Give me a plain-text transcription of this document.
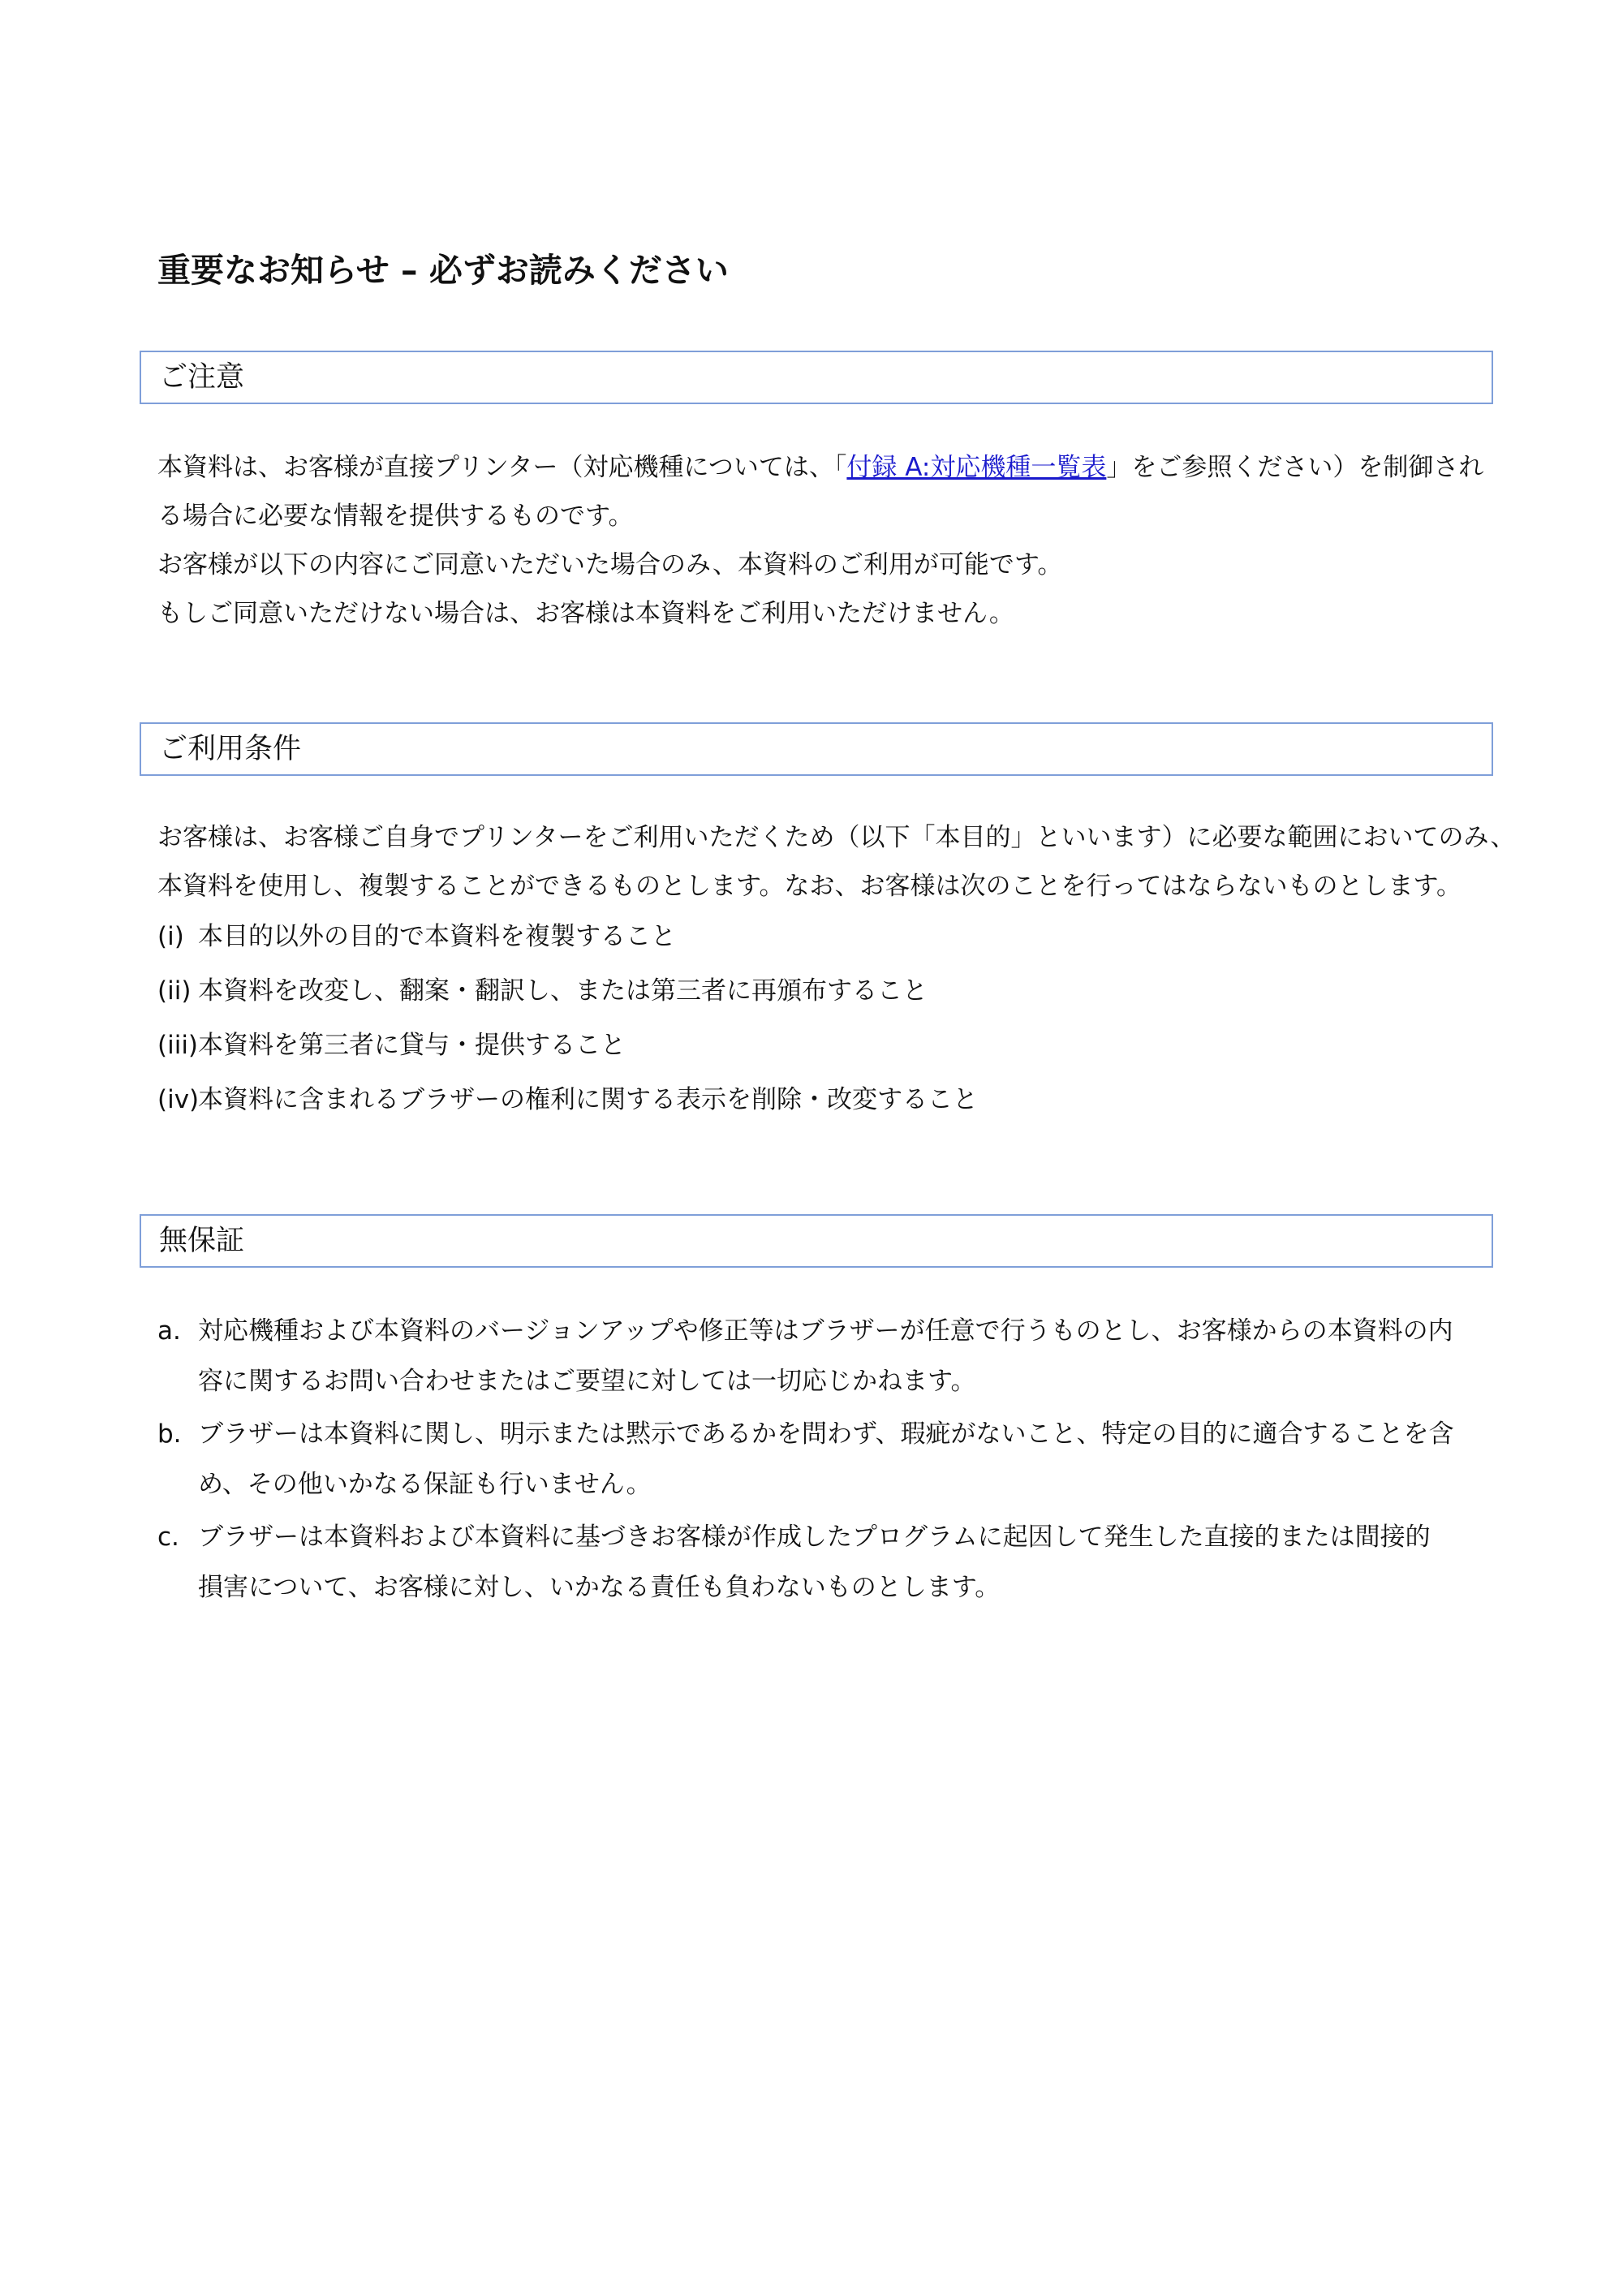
重要なお知らせ – 必ずお読みください
ご注意
本資料は、お客様が直接プリンター（対応機種については、「付録 A:対応機種一覧表」をご参照ください）を制御され
る場合に必要な情報を提供するものです。
お客様が以下の内容にご同意いただいた場合のみ、本資料のご利用が可能です。
もしご同意いただけない場合は、お客様は本資料をご利用いただけません。
ご利用条件
お客様は、お客様ご自身でプリンターをご利用いただくため（以下「本目的」といいます）に必要な範囲においてのみ、
本資料を使用し、複製することができるものとします。なお、お客様は次のことを行ってはならないものとします。
(i) 本目的以外の目的で本資料を複製すること
(ii) 本資料を改変し、翻案・翻訳し、または第三者に再頒布すること
(iii)本資料を第三者に貸与・提供すること
(iv)本資料に含まれるブラザーの権利に関する表示を削除・改変すること
無保証
a. 対応機種および本資料のバージョンアップや修正等はブラザーが任意で行うものとし、お客様からの本資料の内
容に関するお問い合わせまたはご要望に対しては一切応じかねます。
b. ブラザーは本資料に関し、明示または黙示であるかを問わず、瑕疵がないこと、特定の目的に適合することを含
め、その他いかなる保証も行いません。
c. ブラザーは本資料および本資料に基づきお客様が作成したプログラムに起因して発生した直接的または間接的
損害について、お客様に対し、いかなる責任も負わないものとします。
